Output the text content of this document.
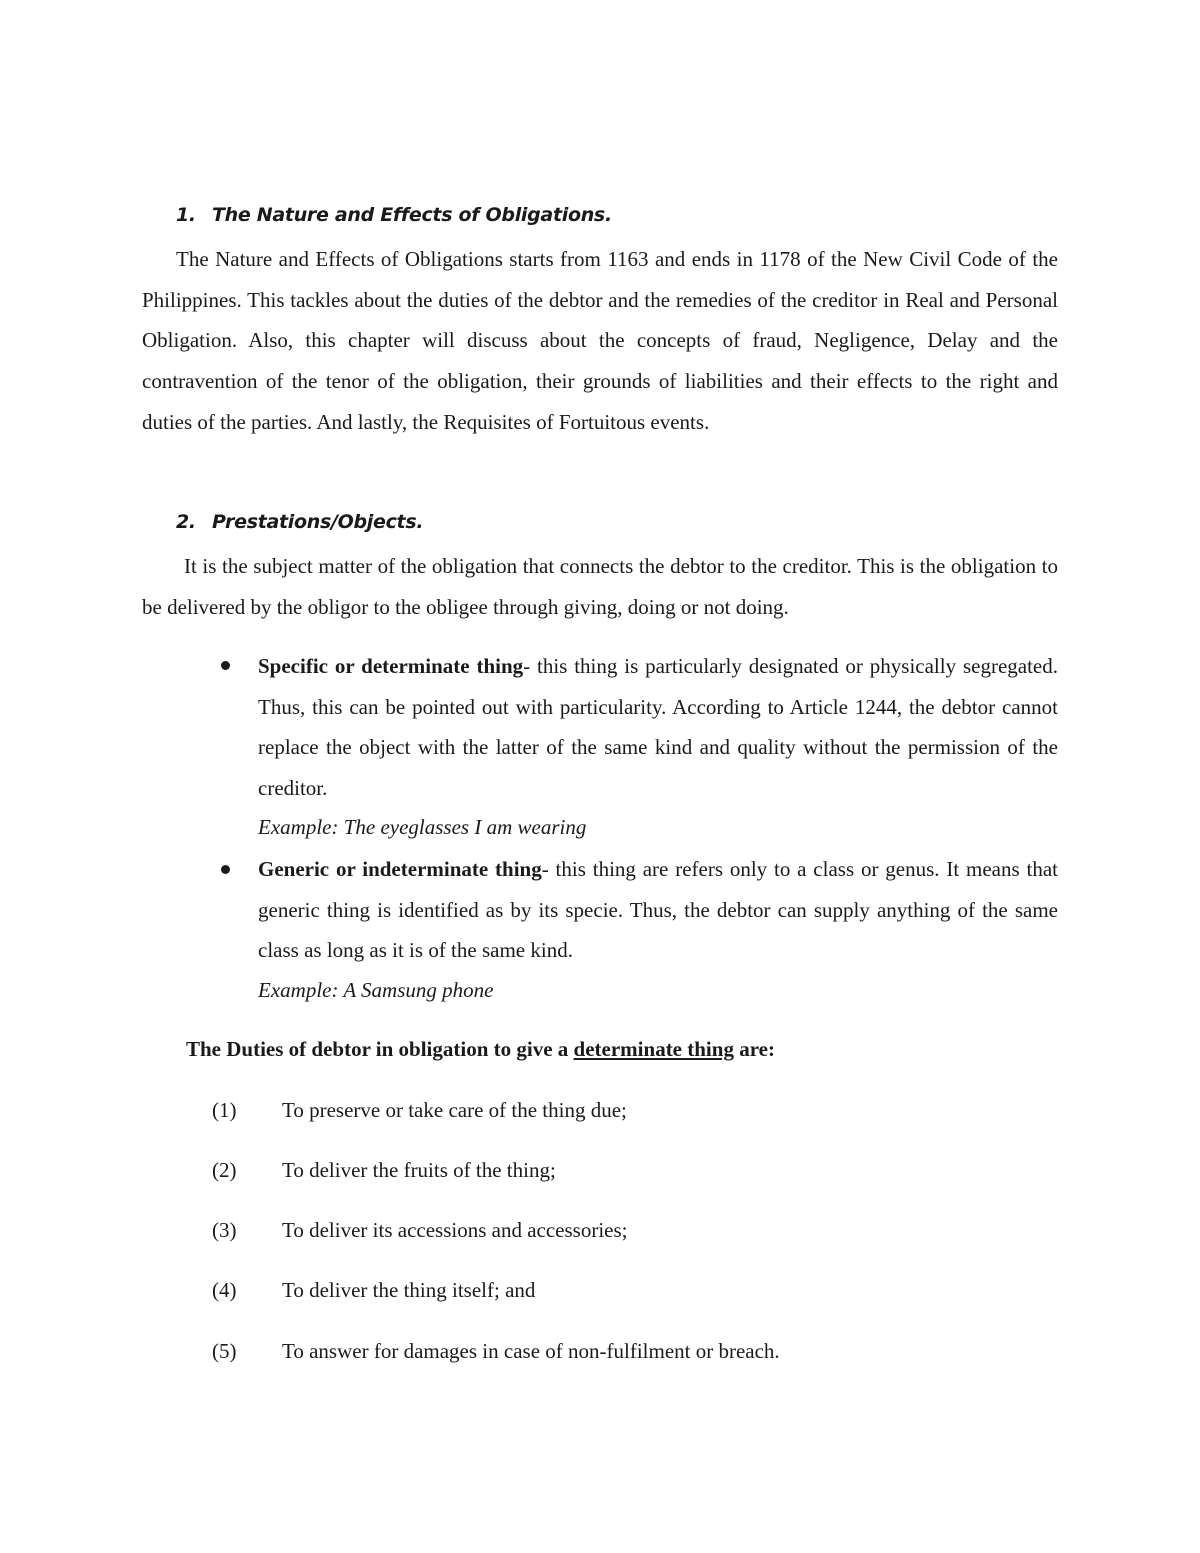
1. The Nature and Effects of Obligations.

The Nature and Effects of Obligations starts from 1163 and ends in 1178 of the New Civil Code of the Philippines. This tackles about the duties of the debtor and the remedies of the creditor in Real and Personal Obligation. Also, this chapter will discuss about the concepts of fraud, Negligence, Delay and the contravention of the tenor of the obligation, their grounds of liabilities and their effects to the right and duties of the parties. And lastly, the Requisites of Fortuitous events.

2. Prestations/Objects.

It is the subject matter of the obligation that connects the debtor to the creditor. This is the obligation to be delivered by the obligor to the obligee through giving, doing or not doing.

Specific or determinate thing- this thing is particularly designated or physically segregated. Thus, this can be pointed out with particularity. According to Article 1244, the debtor cannot replace the object with the latter of the same kind and quality without the permission of the creditor.
Example: The eyeglasses I am wearing
Generic or indeterminate thing- this thing are refers only to a class or genus. It means that generic thing is identified as by its specie. Thus, the debtor can supply anything of the same class as long as it is of the same kind.
Example: A Samsung phone
The Duties of debtor in obligation to give a determinate thing are:
(1) To preserve or take care of the thing due;
(2) To deliver the fruits of the thing;
(3) To deliver its accessions and accessories;
(4) To deliver the thing itself; and
(5) To answer for damages in case of non-fulfilment or breach.
